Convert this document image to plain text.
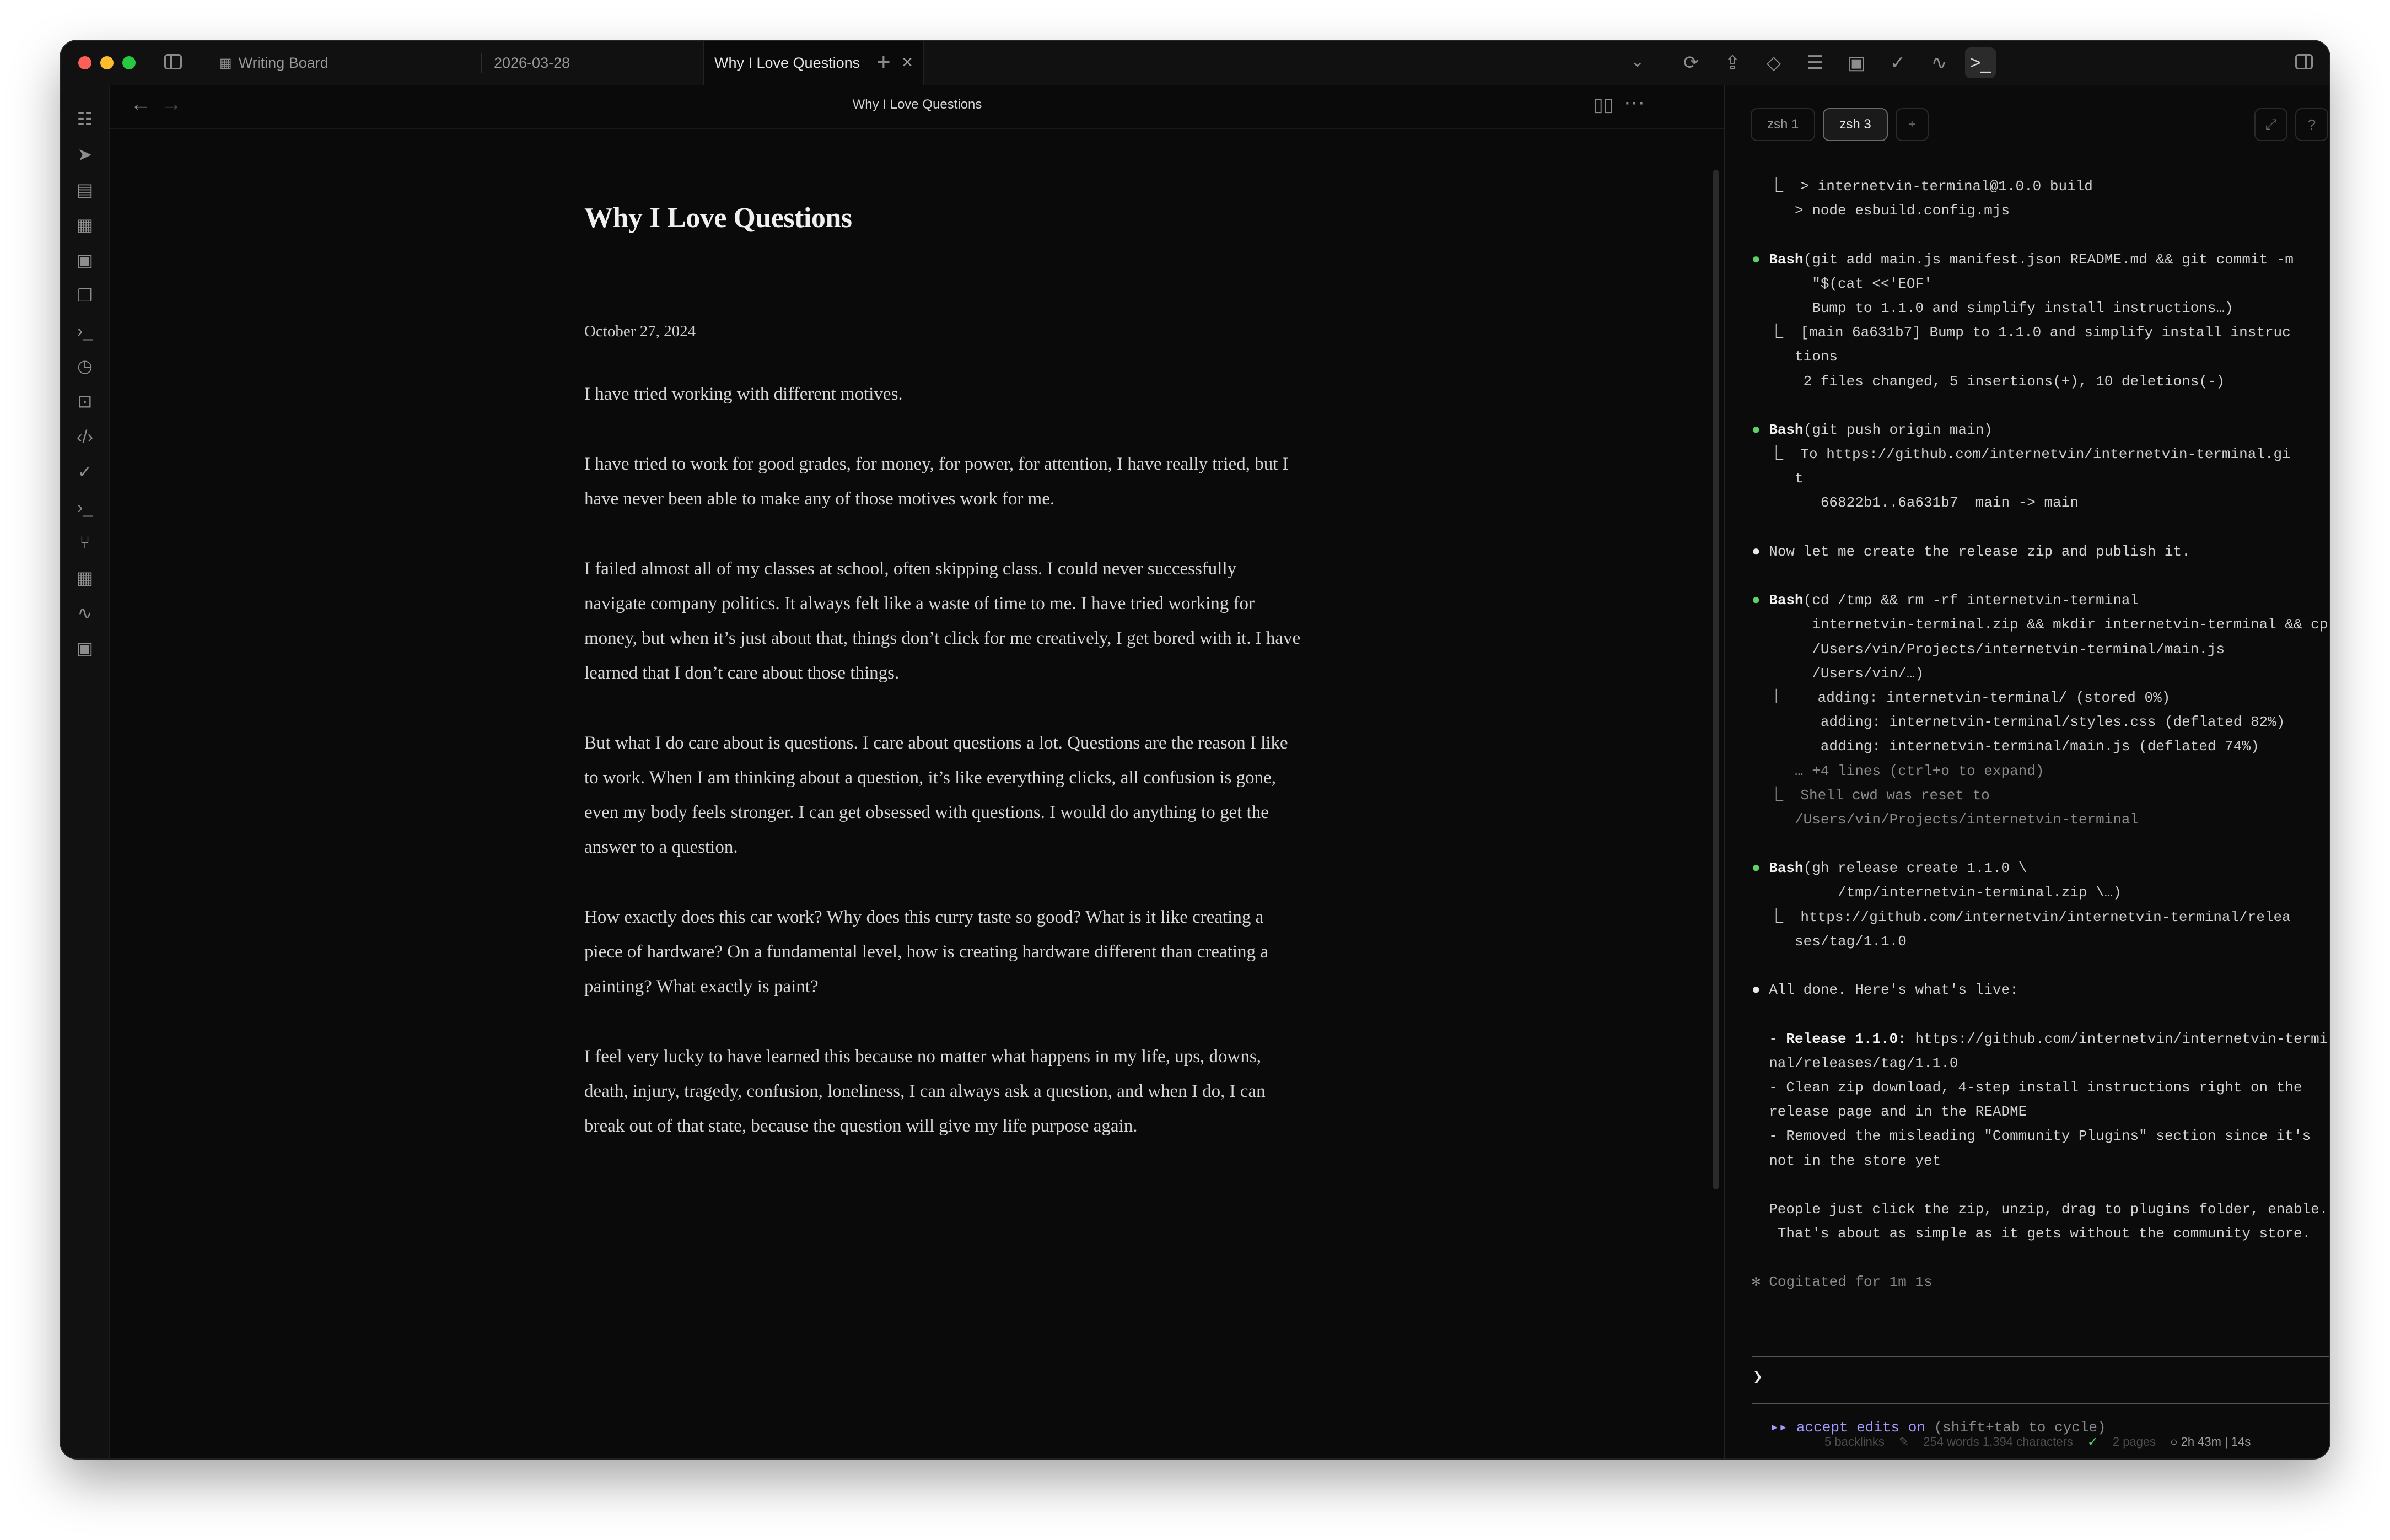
▦ Writing Board	2026-03-28	Why I Love Questions ×
+	⌄	⟳	⇪	◇	☰	▣	✓	∿	>_
☷
➤
▤
▦
▣
❐
›_
◷
⊡
‹/›
✓
›_
⑂
▦
∿
▣
← →	Why I Love Questions	▯▯ ⋯
Why I Love Questions
October 27, 2024

I have tried working with different motives.

I have tried to work for good grades, for money, for power, for attention, I have really tried, but I have never been able to make any of those motives work for me.

I failed almost all of my classes at school, often skipping class. I could never successfully navigate company politics. It always felt like a waste of time to me. I have tried working for money, but when it’s just about that, things don’t click for me creatively, I get bored with it. I have learned that I don’t care about those things.

But what I do care about is questions. I care about questions a lot. Questions are the reason I like to work. When I am thinking about a question, it’s like everything clicks, all confusion is gone, even my body feels stronger. I can get obsessed with questions. I would do anything to get the answer to a question.

How exactly does this car work? Why does this curry taste so good? What is it like creating a piece of hardware? On a fundamental level, how is creating hardware different than creating a painting? What exactly is paint?

I feel very lucky to have learned this because no matter what happens in my life, ups, downs, death, injury, tragedy, confusion, loneliness, I can always ask a question, and when I do, I can break out of that state, because the question will give my life purpose again.

zsh 1	zsh 3	+	⤢	?
⎿  > internetvin-terminal@1.0.0 build
> node esbuild.config.mjs
● Bash(git add main.js manifest.json README.md && git commit -m
"$(cat <<'EOF'
Bump to 1.1.0 and simplify install instructions…)
⎿  [main 6a631b7] Bump to 1.1.0 and simplify install instruc
tions
2 files changed, 5 insertions(+), 10 deletions(-)
● Bash(git push origin main)
⎿  To https://github.com/internetvin/internetvin-terminal.gi
t
66822b1..6a631b7  main -> main
● Now let me create the release zip and publish it.
● Bash(cd /tmp && rm -rf internetvin-terminal
internetvin-terminal.zip && mkdir internetvin-terminal && cp
/Users/vin/Projects/internetvin-terminal/main.js
/Users/vin/…)
⎿    adding: internetvin-terminal/ (stored 0%)
adding: internetvin-terminal/styles.css (deflated 82%)
adding: internetvin-terminal/main.js (deflated 74%)
… +4 lines (ctrl+o to expand)
⎿  Shell cwd was reset to
/Users/vin/Projects/internetvin-terminal
● Bash(gh release create 1.1.0 \
/tmp/internetvin-terminal.zip \…)
⎿  https://github.com/internetvin/internetvin-terminal/relea
ses/tag/1.1.0
● All done. Here's what's live:
- Release 1.1.0: https://github.com/internetvin/internetvin-termi
nal/releases/tag/1.1.0
- Clean zip download, 4-step install instructions right on the
release page and in the README
- Removed the misleading "Community Plugins" section since it's
not in the store yet
People just click the zip, unzip, drag to plugins folder, enable.
That's about as simple as it gets without the community store.
✻ Cogitated for 1m 1s
❯
▸▸ accept edits on (shift+tab to cycle)
5 backlinks ✎ 254 words 1,394 characters ✓ 2 pages ○ 2h 43m | 14s
